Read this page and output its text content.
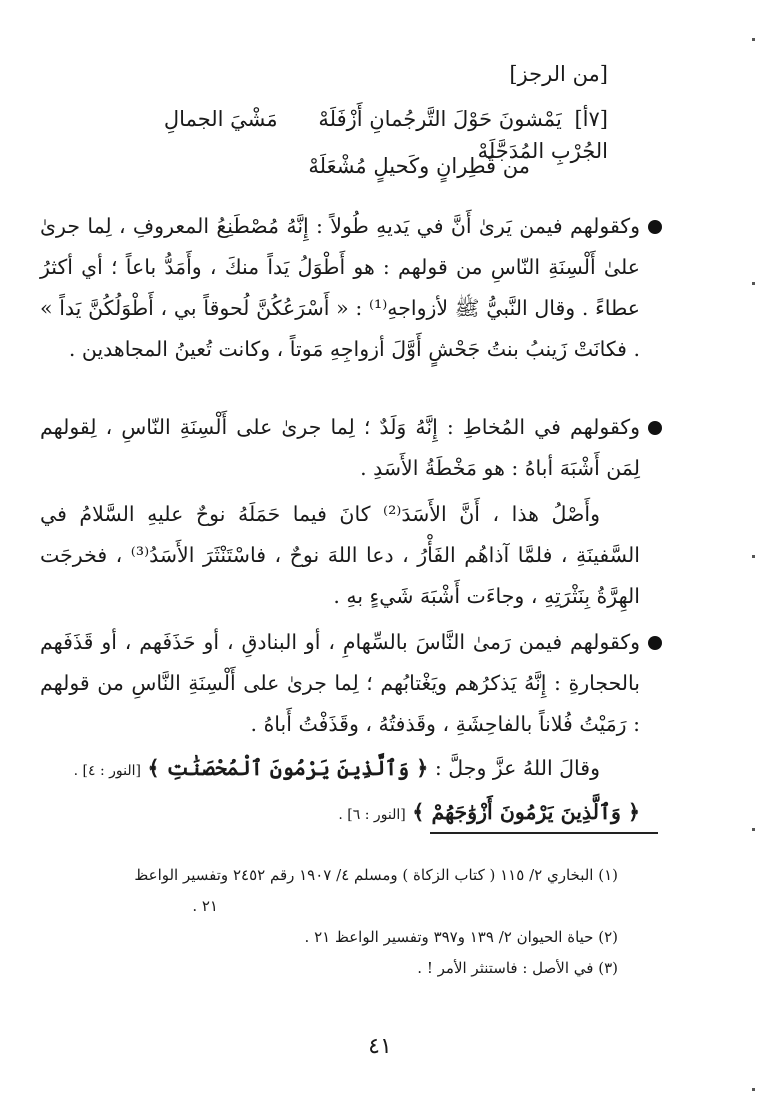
[من الرجز]
[٧أ] يَمْشونَ حَوْلَ التَّرجُمانِ أَزْفَلَهْ مَشْيَ الجمالِ الجُرْبِ المُدَجَّلَهْ
من قَطِرانٍ وكَحيلٍ مُشْعَلَهْ
وكقولهم فيمن يَرىٰ أَنَّ في يَديهِ طُولاً : إِنَّهُ مُصْطَنِعُ المعروفِ ، لِما جرىٰ علىٰ أَلْسِنَةِ النّاسِ من قولهم : هو أَطْوَلُ يَداً منكَ ، وأَمَدُّ باعاً ؛ أي أكثرُ عطاءً . وقال النَّبيُّ ﷺ لأزواجهِ⁽¹⁾ : « أَسْرَعُكُنَّ لُحوقاً بي ، أَطْوَلُكُنَّ يَداً » . فكانَتْ زَينبُ بنتُ جَحْشٍ أَوَّلَ أزواجِهِ مَوتاً ، وكانت تُعينُ المجاهدين .
وكقولهم في المُخاطِ : إِنَّهُ وَلَدٌ ؛ لِما جرىٰ على أَلْسِنَةِ النّاسِ ، لِقولهم لِمَن أَشْبَهَ أباهُ : هو مَخْطَةُ الأَسَدِ .
وأَصْلُ هذا ، أَنَّ الأَسَدَ⁽²⁾ كانَ فيما حَمَلَهُ نوحٌ عليهِ السَّلامُ في السَّفينَةِ ، فلمَّا آذاهُم الفَأْرُ ، دعا اللهَ نوحٌ ، فاسْتَنْثَرَ الأَسَدُ⁽³⁾ ، فخرجَت الهِرَّةُ بِنَثْرَتِهِ ، وجاءَت أَشْبَهَ شَيءٍ بهِ .
وكقولهم فيمن رَمىٰ النَّاسَ بالسِّهامِ ، أو البنادقِ ، أو حَذَفَهم ، أو قَذَفَهم بالحجارةِ : إِنَّهُ يَذكرُهم ويَغْتابُهم ؛ لِما جرىٰ على أَلْسِنَةِ النَّاسِ من قولهم : رَمَيْتُ فُلاناً بالفاحِشَةِ ، وقَذفتُهُ ، وقَذَفْتُ أَباهُ .
وقالَ اللهُ عزَّ وجلَّ : ﴿ وَٱلَّذِينَ يَرْمُونَ ٱلْمُحْصَنَٰتِ ﴾ [النور : ٤] .
﴿ وَٱلَّذِينَ يَرْمُونَ أَزْوَٰجَهُمْ ﴾ [النور : ٦] .
(١) البخاري ٢/ ١١٥ ( كتاب الزكاة ) ومسلم ٤/ ١٩٠٧ رقم ٢٤٥٢ وتفسير الواعظ
٢١ .
(٢) حياة الحيوان ٢/ ١٣٩ و٣٩٧ وتفسير الواعظ ٢١ .
(٣) في الأصل : فاستنثر الأمر ! .
٤١
